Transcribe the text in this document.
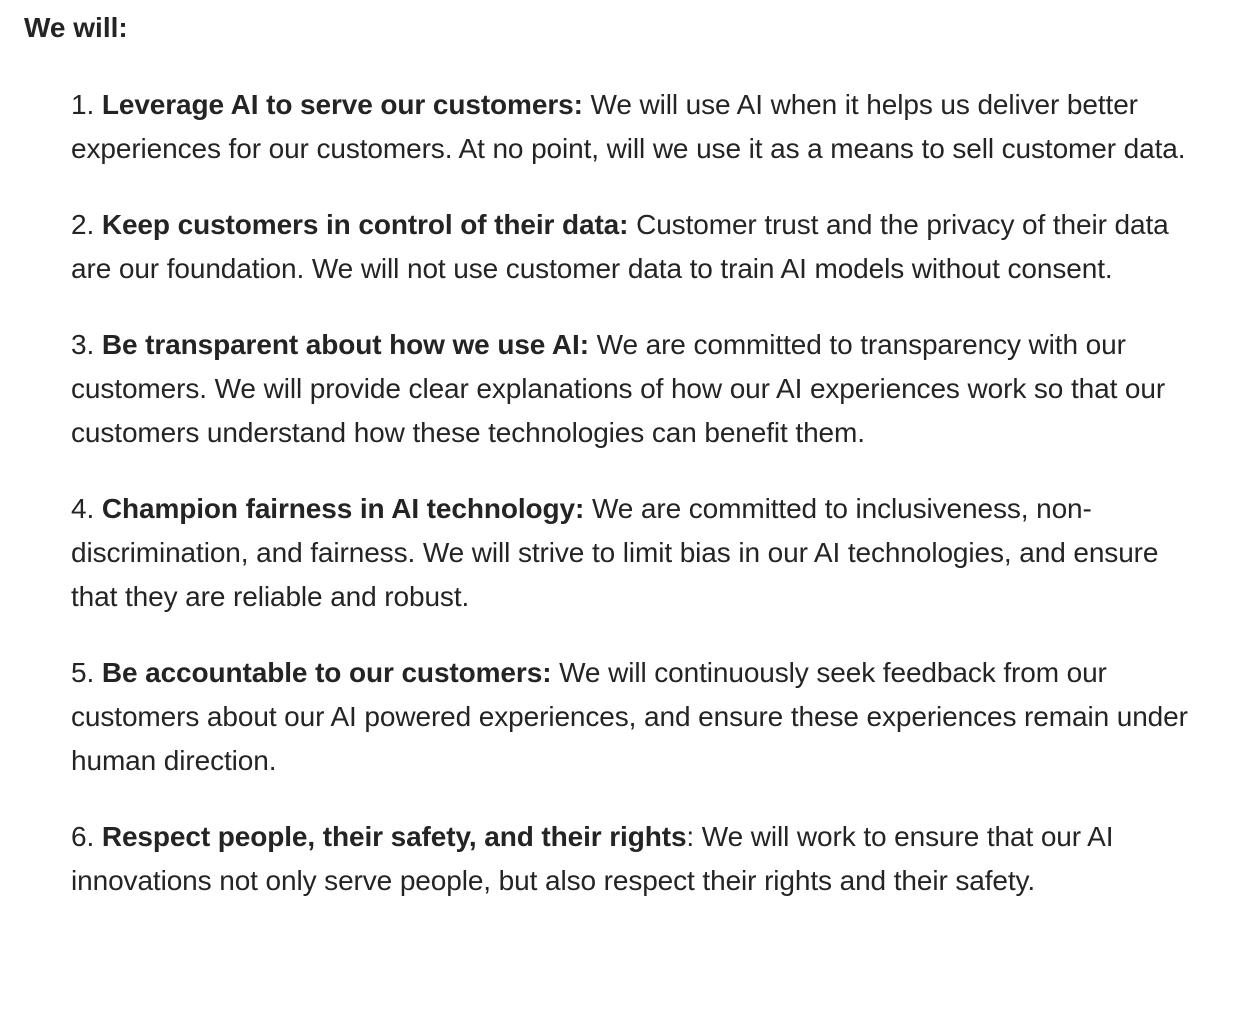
We will:
1. Leverage AI to serve our customers: We will use AI when it helps us deliver better experiences for our customers. At no point, will we use it as a means to sell customer data.
2. Keep customers in control of their data: Customer trust and the privacy of their data are our foundation. We will not use customer data to train AI models without consent.
3. Be transparent about how we use AI: We are committed to transparency with our customers. We will provide clear explanations of how our AI experiences work so that our customers understand how these technologies can benefit them.
4. Champion fairness in AI technology: We are committed to inclusiveness, non-discrimination, and fairness. We will strive to limit bias in our AI technologies, and ensure that they are reliable and robust.
5. Be accountable to our customers: We will continuously seek feedback from our customers about our AI powered experiences, and ensure these experiences remain under human direction.
6. Respect people, their safety, and their rights: We will work to ensure that our AI innovations not only serve people, but also respect their rights and their safety.
